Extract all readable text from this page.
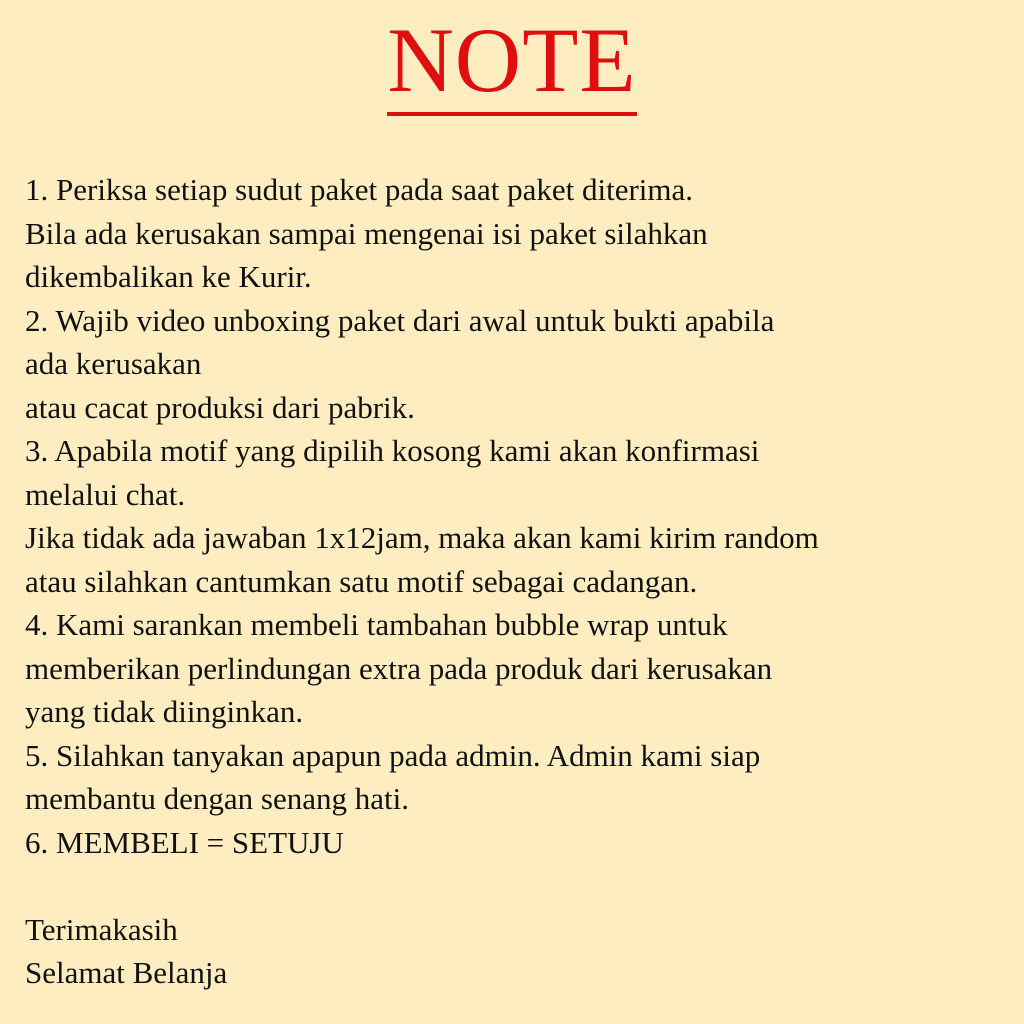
NOTE
1. Periksa setiap sudut paket pada saat paket diterima.
Bila ada kerusakan sampai mengenai isi paket silahkan
dikembalikan ke Kurir.
2. Wajib video unboxing paket dari awal untuk bukti apabila
ada kerusakan
atau cacat produksi dari pabrik.
3. Apabila motif yang dipilih kosong kami akan konfirmasi
melalui chat.
Jika tidak ada jawaban 1x12jam, maka akan kami kirim random
atau silahkan cantumkan satu motif sebagai cadangan.
4. Kami sarankan membeli tambahan bubble wrap untuk
memberikan perlindungan extra pada produk dari kerusakan
yang tidak diinginkan.
5. Silahkan tanyakan apapun pada admin. Admin kami siap
membantu dengan senang hati.
6. MEMBELI = SETUJU
Terimakasih
Selamat Belanja
